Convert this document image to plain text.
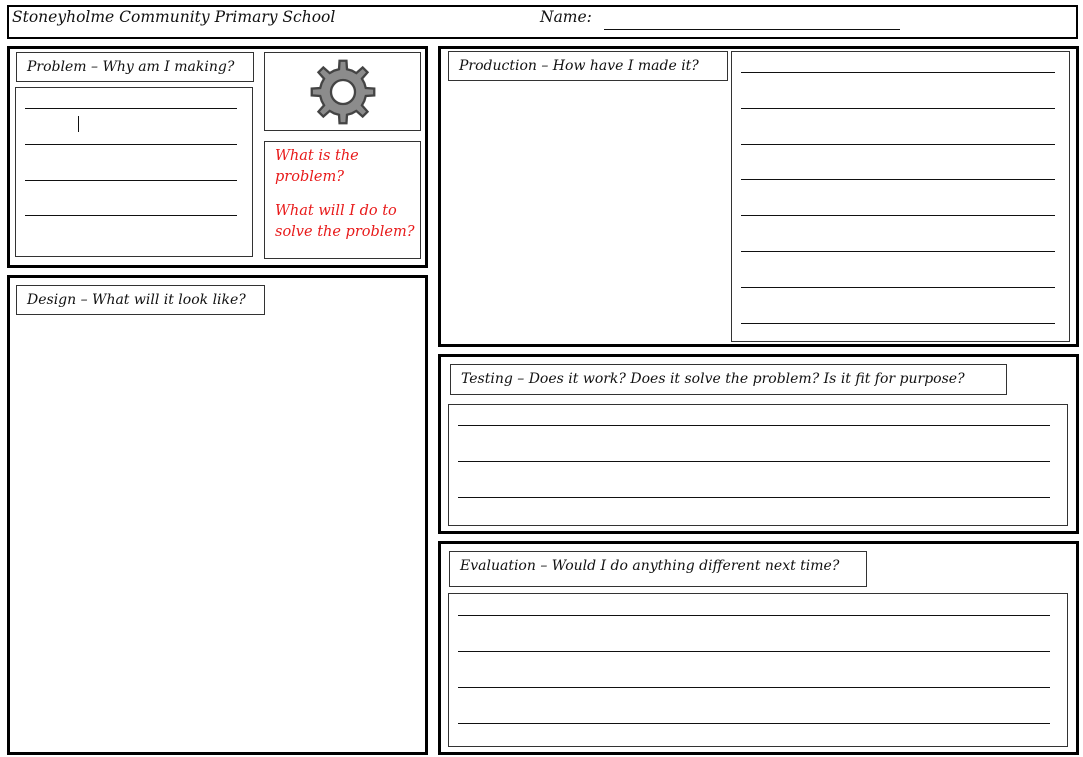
Stoneyholme Community Primary School	Name:
Problem – Why am I making?
What is the problem?
What will I do to solve the problem?
Design – What will it look like?
Production – How have I made it?
Testing – Does it work? Does it solve the problem? Is it fit for purpose?
Evaluation – Would I do anything different next time?
